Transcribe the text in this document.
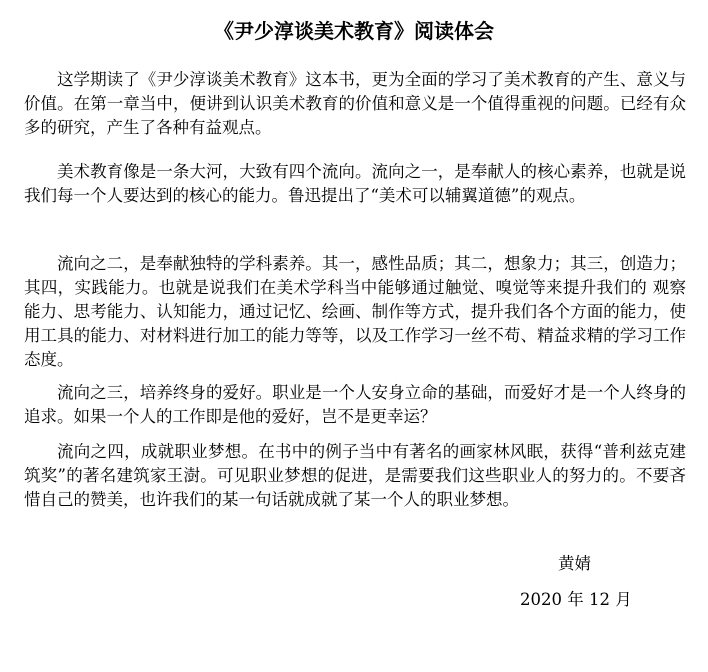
《尹少淳谈美术教育》阅读体会

这学期读了《尹少淳谈美术教育》这本书，更为全面的学习了美术教育的产生、意义与价值。在第一章当中，便讲到认识美术教育的价值和意义是一个值得重视的问题。已经有众多的研究，产生了各种有益观点。

美术教育像是一条大河，大致有四个流向。流向之一，是奉献人的核心素养，也就是说我们每一个人要达到的核心的能力。鲁迅提出了“美术可以辅翼道德”的观点。

流向之二，是奉献独特的学科素养。其一，感性品质；其二，想象力；其三，创造力；其四，实践能力。也就是说我们在美术学科当中能够通过触觉、嗅觉等来提升我们的 观察能力、思考能力、认知能力，通过记忆、绘画、制作等方式，提升我们各个方面的能力，使用工具的能力、对材料进行加工的能力等等，以及工作学习一丝不苟、精益求精的学习工作态度。

流向之三，培养终身的爱好。职业是一个人安身立命的基础，而爱好才是一个人终身的追求。如果一个人的工作即是他的爱好，岂不是更幸运？

流向之四，成就职业梦想。在书中的例子当中有著名的画家林风眠，获得“普利兹克建筑奖”的著名建筑家王澍。可见职业梦想的促进，是需要我们这些职业人的努力的。不要吝惜自己的赞美，也许我们的某一句话就成就了某一个人的职业梦想。

黄婧

2020 年 12 月
